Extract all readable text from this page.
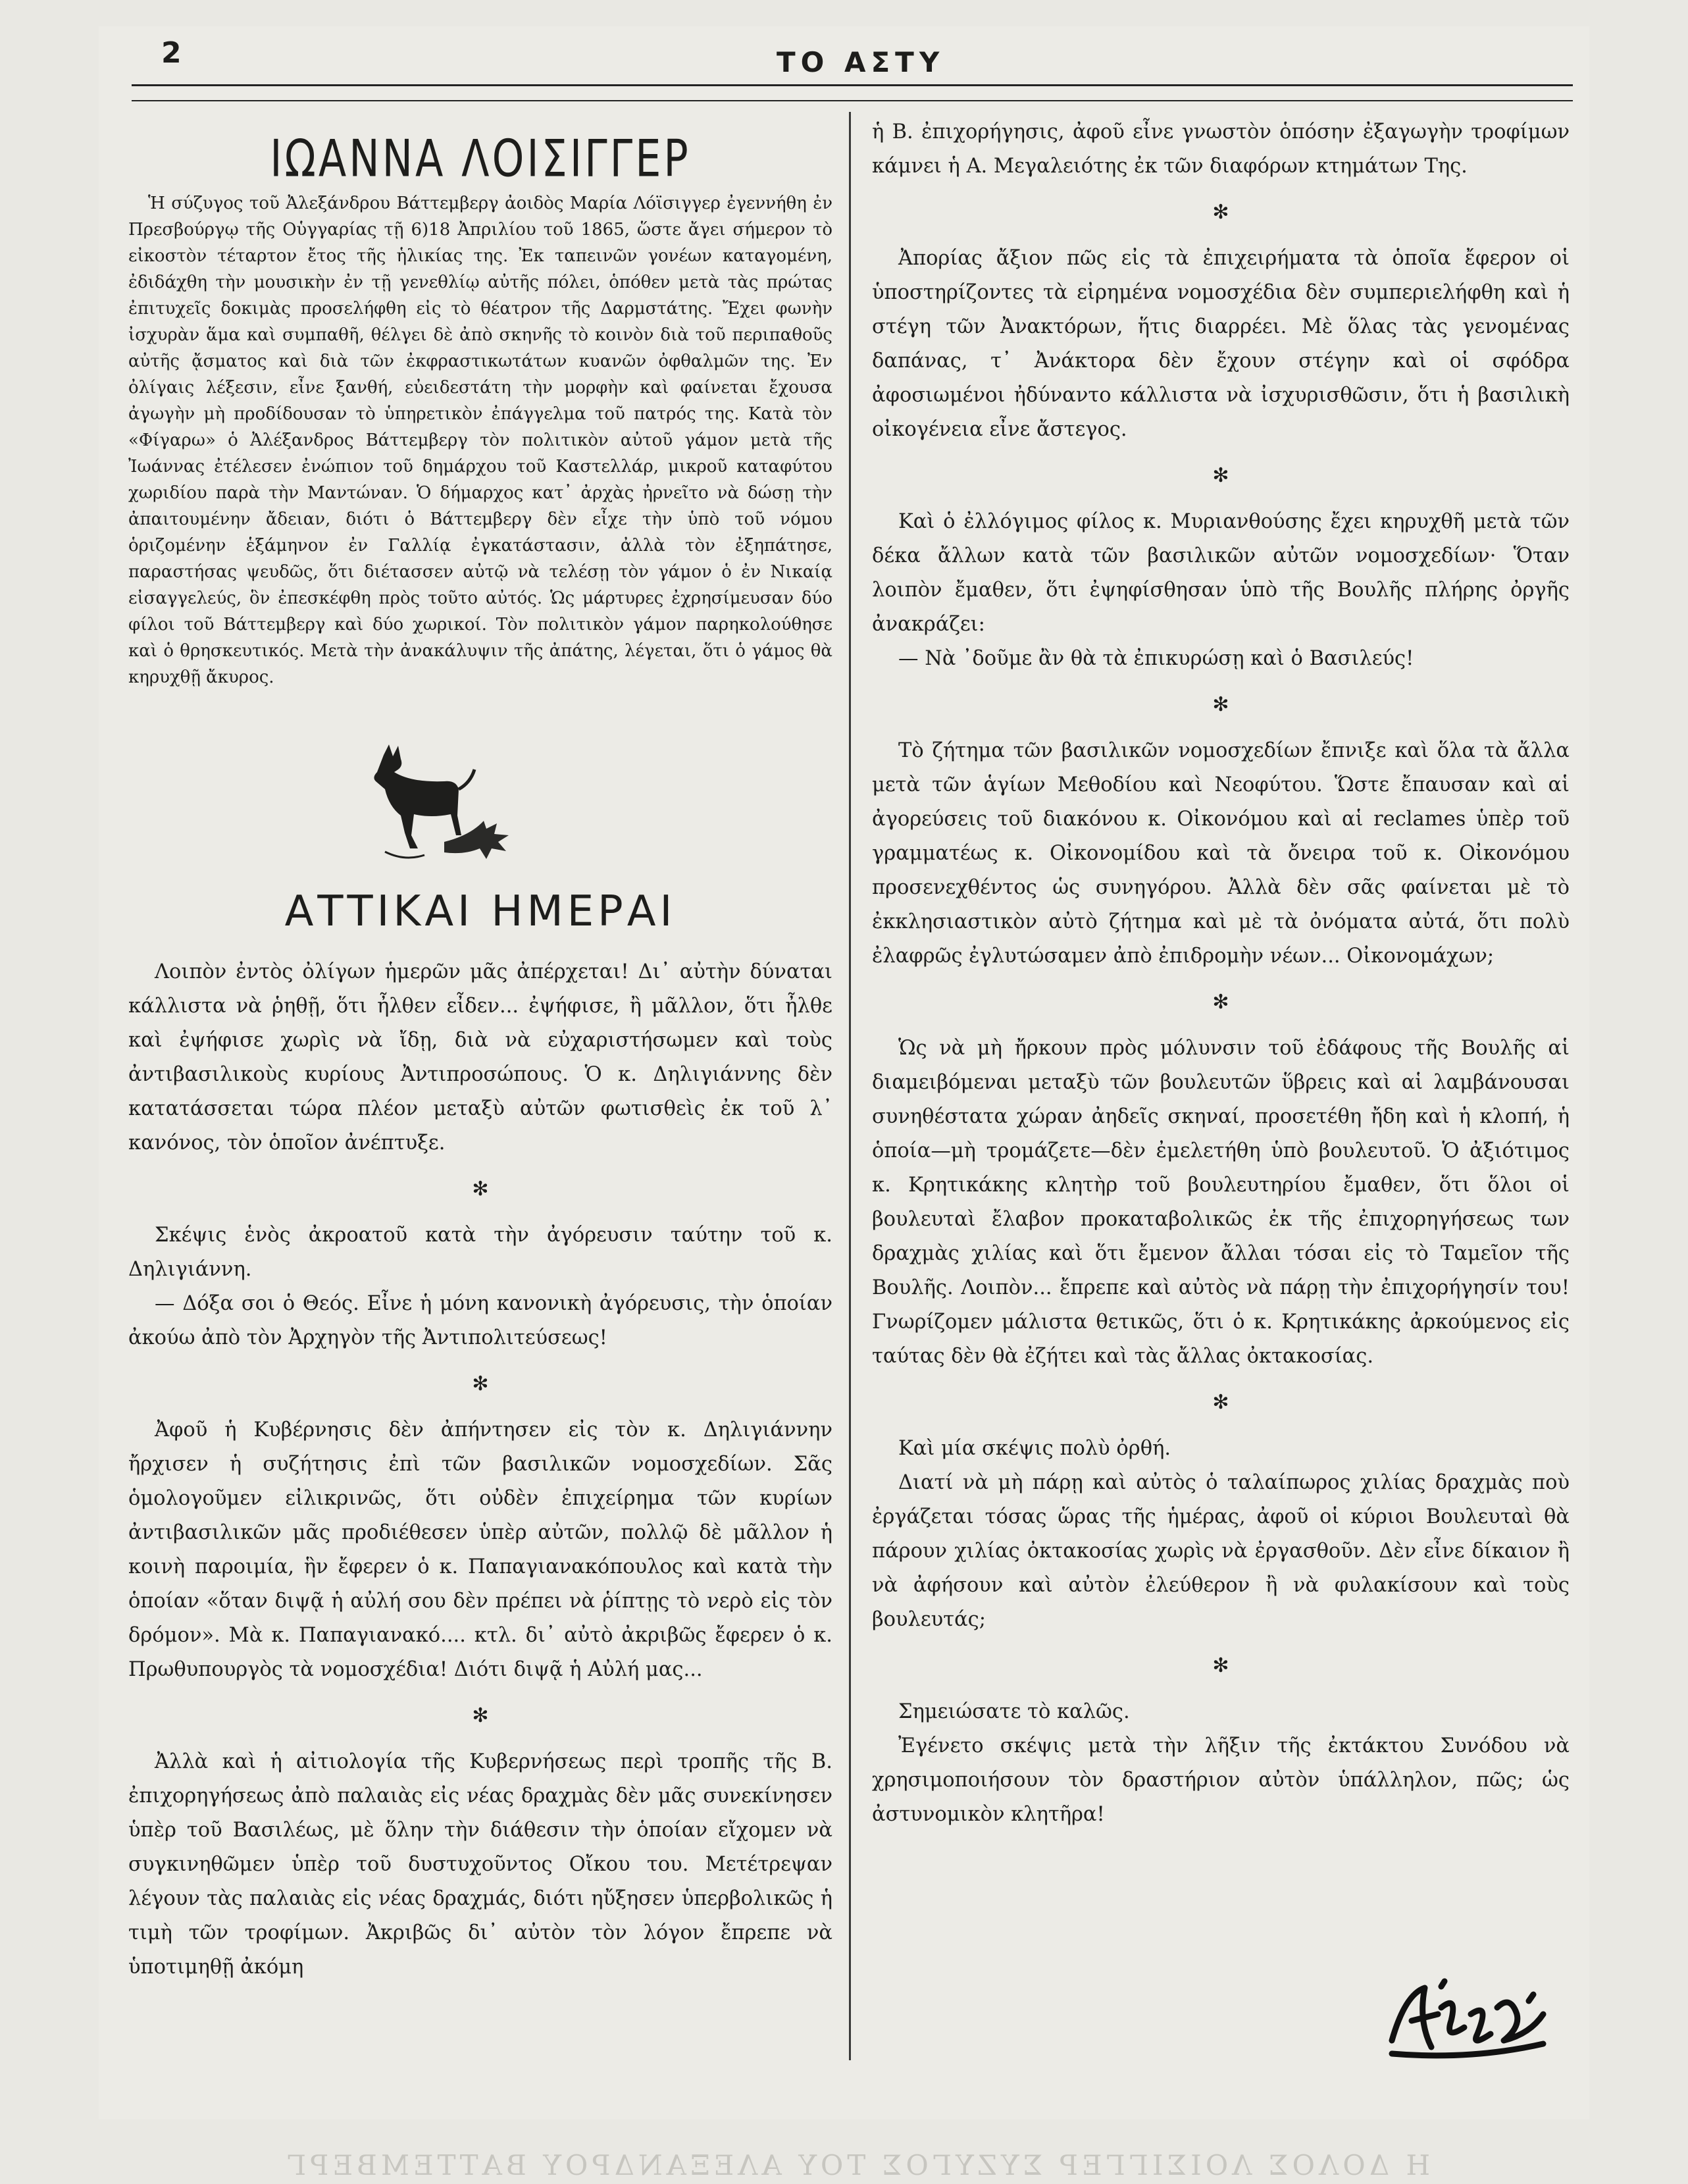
2	ΤΟ ΑΣΤΥ
ΙΩΑΝΝΑ ΛΟΙΣΙΓΓΕΡ

Ἡ σύζυγος τοῦ Ἀλεξάνδρου Βάττεμβεργ ἀοιδὸς Μαρία Λόϊσιγγερ ἐγεννήθη ἐν Πρεσβούργῳ τῆς Οὑγγαρίας τῇ 6)18 Ἀπριλίου τοῦ 1865, ὥστε ἄγει σήμερον τὸ εἰκοστὸν τέταρτον ἔτος τῆς ἡλικίας της. Ἐκ ταπεινῶν γονέων καταγομένη, ἐδιδάχθη τὴν μουσικὴν ἐν τῇ γενεθλίῳ αὐτῆς πόλει, ὁπόθεν μετὰ τὰς πρώτας ἐπιτυχεῖς δοκιμὰς προσελήφθη εἰς τὸ θέατρον τῆς Δαρμστάτης. Ἔχει φωνὴν ἰσχυρὰν ἅμα καὶ συμπαθῆ, θέλγει δὲ ἀπὸ σκηνῆς τὸ κοινὸν διὰ τοῦ περιπαθοῦς αὐτῆς ᾄσματος καὶ διὰ τῶν ἐκφραστικωτάτων κυανῶν ὀφθαλμῶν της. Ἐν ὀλίγαις λέξεσιν, εἶνε ξανθή, εὐειδεστάτη τὴν μορφὴν καὶ φαίνεται ἔχουσα ἀγωγὴν μὴ προδίδουσαν τὸ ὑπηρετικὸν ἐπάγγελμα τοῦ πατρός της. Κατὰ τὸν «Φίγαρω» ὁ Ἀλέξανδρος Βάττεμβεργ τὸν πολιτικὸν αὐτοῦ γάμον μετὰ τῆς Ἰωάννας ἐτέλεσεν ἐνώπιον τοῦ δημάρχου τοῦ Καστελλάρ, μικροῦ καταφύτου χωριδίου παρὰ τὴν Μαντώναν. Ὁ δήμαρχος κατ᾽ ἀρχὰς ἠρνεῖτο νὰ δώσῃ τὴν ἀπαιτουμένην ἄδειαν, διότι ὁ Βάττεμβεργ δὲν εἶχε τὴν ὑπὸ τοῦ νόμου ὁριζομένην ἑξάμηνον ἐν Γαλλίᾳ ἐγκατάστασιν, ἀλλὰ τὸν ἐξηπάτησε, παραστήσας ψευδῶς, ὅτι διέτασσεν αὐτῷ νὰ τελέσῃ τὸν γάμον ὁ ἐν Νικαίᾳ εἰσαγγελεύς, ὃν ἐπεσκέφθη πρὸς τοῦτο αὐτός. Ὡς μάρτυρες ἐχρησίμευσαν δύο φίλοι τοῦ Βάττεμβεργ καὶ δύο χωρικοί. Τὸν πολιτικὸν γάμον παρηκολούθησε καὶ ὁ θρησκευτικός. Μετὰ τὴν ἀνακάλυψιν τῆς ἀπάτης, λέγεται, ὅτι ὁ γάμος θὰ κηρυχθῇ ἄκυρος.

ΑΤΤΙΚΑΙ ΗΜΕΡΑΙ

Λοιπὸν ἐντὸς ὀλίγων ἡμερῶν μᾶς ἀπέρχεται! Δι᾽ αὐτὴν δύναται κάλλιστα νὰ ῥηθῇ, ὅτι ἦλθεν εἶδεν... ἐψήφισε, ἢ μᾶλλον, ὅτι ἦλθε καὶ ἐψήφισε χωρὶς νὰ ἴδῃ, διὰ νὰ εὐχαριστήσωμεν καὶ τοὺς ἀντιβασιλικοὺς κυρίους Ἀντιπροσώπους. Ὁ κ. Δηλιγιάννης δὲν κατατάσσεται τώρα πλέον μεταξὺ αὐτῶν φωτισθεὶς ἐκ τοῦ λ᾽ κανόνος, τὸν ὁποῖον ἀνέπτυξε.

✻

Σκέψις ἑνὸς ἀκροατοῦ κατὰ τὴν ἀγόρευσιν ταύτην τοῦ κ. Δηλιγιάννη.

— Δόξα σοι ὁ Θεός. Εἶνε ἡ μόνη κανονικὴ ἀγόρευσις, τὴν ὁποίαν ἀκούω ἀπὸ τὸν Ἀρχηγὸν τῆς Ἀντιπολιτεύσεως!

✻

Ἀφοῦ ἡ Κυβέρνησις δὲν ἀπήντησεν εἰς τὸν κ. Δηλιγιάννην ἤρχισεν ἡ συζήτησις ἐπὶ τῶν βασιλικῶν νομοσχεδίων. Σᾶς ὁμολογοῦμεν εἰλικρινῶς, ὅτι οὐδὲν ἐπιχείρημα τῶν κυρίων ἀντιβασιλικῶν μᾶς προδιέθεσεν ὑπὲρ αὐτῶν, πολλῷ δὲ μᾶλλον ἡ κοινὴ παροιμία, ἣν ἔφερεν ὁ κ. Παπαγιανακόπουλος καὶ κατὰ τὴν ὁποίαν «ὅταν διψᾷ ἡ αὐλή σου δὲν πρέπει νὰ ῥίπτῃς τὸ νερὸ εἰς τὸν δρόμον». Μὰ κ. Παπαγιανακό.... κτλ. δι᾽ αὐτὸ ἀκριβῶς ἔφερεν ὁ κ. Πρωθυπουργὸς τὰ νομοσχέδια! Διότι διψᾷ ἡ Αὐλή μας...

✻

Ἀλλὰ καὶ ἡ αἰτιολογία τῆς Κυβερνήσεως περὶ τροπῆς τῆς Β. ἐπιχορηγήσεως ἀπὸ παλαιὰς εἰς νέας δραχμὰς δὲν μᾶς συνεκίνησεν ὑπὲρ τοῦ Βασιλέως, μὲ ὅλην τὴν διάθεσιν τὴν ὁποίαν εἴχομεν νὰ συγκινηθῶμεν ὑπὲρ τοῦ δυστυχοῦντος Οἴκου του. Μετέτρεψαν λέγουν τὰς παλαιὰς εἰς νέας δραχμάς, διότι ηὔξησεν ὑπερβολικῶς ἡ τιμὴ τῶν τροφίμων. Ἀκριβῶς δι᾽ αὐτὸν τὸν λόγον ἔπρεπε νὰ ὑποτιμηθῇ ἀκόμη

ἡ Β. ἐπιχορήγησις, ἀφοῦ εἶνε γνωστὸν ὁπόσην ἐξαγωγὴν τροφίμων κάμνει ἡ Α. Μεγαλειότης ἐκ τῶν διαφόρων κτημάτων Της.

✻

Ἀπορίας ἄξιον πῶς εἰς τὰ ἐπιχειρήματα τὰ ὁποῖα ἔφερον οἱ ὑποστηρίζοντες τὰ εἰρημένα νομοσχέδια δὲν συμπεριελήφθη καὶ ἡ στέγη τῶν Ἀνακτόρων, ἥτις διαρρέει. Μὲ ὅλας τὰς γενομένας δαπάνας, τ᾽ Ἀνάκτορα δὲν ἔχουν στέγην καὶ οἱ σφόδρα ἀφοσιωμένοι ἠδύναντο κάλλιστα νὰ ἰσχυρισθῶσιν, ὅτι ἡ βασιλικὴ οἰκογένεια εἶνε ἄστεγος.

✻

Καὶ ὁ ἐλλόγιμος φίλος κ. Μυριανθούσης ἔχει κηρυχθῆ μετὰ τῶν δέκα ἄλλων κατὰ τῶν βασιλικῶν αὐτῶν νομοσχεδίων· Ὅταν λοιπὸν ἔμαθεν, ὅτι ἐψηφίσθησαν ὑπὸ τῆς Βουλῆς πλήρης ὀργῆς ἀνακράζει:

— Νὰ ᾽δοῦμε ἂν θὰ τὰ ἐπικυρώσῃ καὶ ὁ Βασιλεύς!

✻

Τὸ ζήτημα τῶν βασιλικῶν νομοσχεδίων ἔπνιξε καὶ ὅλα τὰ ἄλλα μετὰ τῶν ἁγίων Μεθοδίου καὶ Νεοφύτου. Ὥστε ἔπαυσαν καὶ αἱ ἀγορεύσεις τοῦ διακόνου κ. Οἰκονόμου καὶ αἱ reclames ὑπὲρ τοῦ γραμματέως κ. Οἰκονομίδου καὶ τὰ ὄνειρα τοῦ κ. Οἰκονόμου προσενεχθέντος ὡς συνηγόρου. Ἀλλὰ δὲν σᾶς φαίνεται μὲ τὸ ἐκκλησιαστικὸν αὐτὸ ζήτημα καὶ μὲ τὰ ὀνόματα αὐτά, ὅτι πολὺ ἐλαφρῶς ἐγλυτώσαμεν ἀπὸ ἐπιδρομὴν νέων... Οἰκονομάχων;

✻

Ὡς νὰ μὴ ἤρκουν πρὸς μόλυνσιν τοῦ ἐδάφους τῆς Βουλῆς αἱ διαμειβόμεναι μεταξὺ τῶν βουλευτῶν ὕβρεις καὶ αἱ λαμβάνουσαι συνηθέστατα χώραν ἀηδεῖς σκηναί, προσετέθη ἤδη καὶ ἡ κλοπή, ἡ ὁποία—μὴ τρομάζετε—δὲν ἐμελετήθη ὑπὸ βουλευτοῦ. Ὁ ἀξιότιμος κ. Κρητικάκης κλητὴρ τοῦ βουλευτηρίου ἔμαθεν, ὅτι ὅλοι οἱ βουλευταὶ ἔλαβον προκαταβολικῶς ἐκ τῆς ἐπιχορηγήσεως των δραχμὰς χιλίας καὶ ὅτι ἔμενον ἄλλαι τόσαι εἰς τὸ Ταμεῖον τῆς Βουλῆς. Λοιπὸν... ἔπρεπε καὶ αὐτὸς νὰ πάρῃ τὴν ἐπιχορήγησίν του! Γνωρίζομεν μάλιστα θετικῶς, ὅτι ὁ κ. Κρητικάκης ἀρκούμενος εἰς ταύτας δὲν θὰ ἐζήτει καὶ τὰς ἄλλας ὀκτακοσίας.

✻

Καὶ μία σκέψις πολὺ ὀρθή.

Διατί νὰ μὴ πάρῃ καὶ αὐτὸς ὁ ταλαίπωρος χιλίας δραχμὰς ποὺ ἐργάζεται τόσας ὥρας τῆς ἡμέρας, ἀφοῦ οἱ κύριοι Βουλευταὶ θὰ πάρουν χιλίας ὀκτακοσίας χωρὶς νὰ ἐργασθοῦν. Δὲν εἶνε δίκαιον ἢ νὰ ἀφήσουν καὶ αὐτὸν ἐλεύθερον ἢ νὰ φυλακίσουν καὶ τοὺς βουλευτάς;

✻

Σημειώσατε τὸ καλῶς.

Ἐγένετο σκέψις μετὰ τὴν λῆξιν τῆς ἐκτάκτου Συνόδου νὰ χρησιμοποιήσουν τὸν δραστήριον αὐτὸν ὑπάλληλον, πῶς; ὡς ἀστυνομικὸν κλητῆρα!

Η ΔΟΛΟΣ ΛΟΙΣΙΓΓΕΡ ΣΥΖΥΓΟΣ ΤΟΥ ΑΛΕΞΑΝΔΡΟΥ ΒΑΤΤΕΜΒΕΡΓ
